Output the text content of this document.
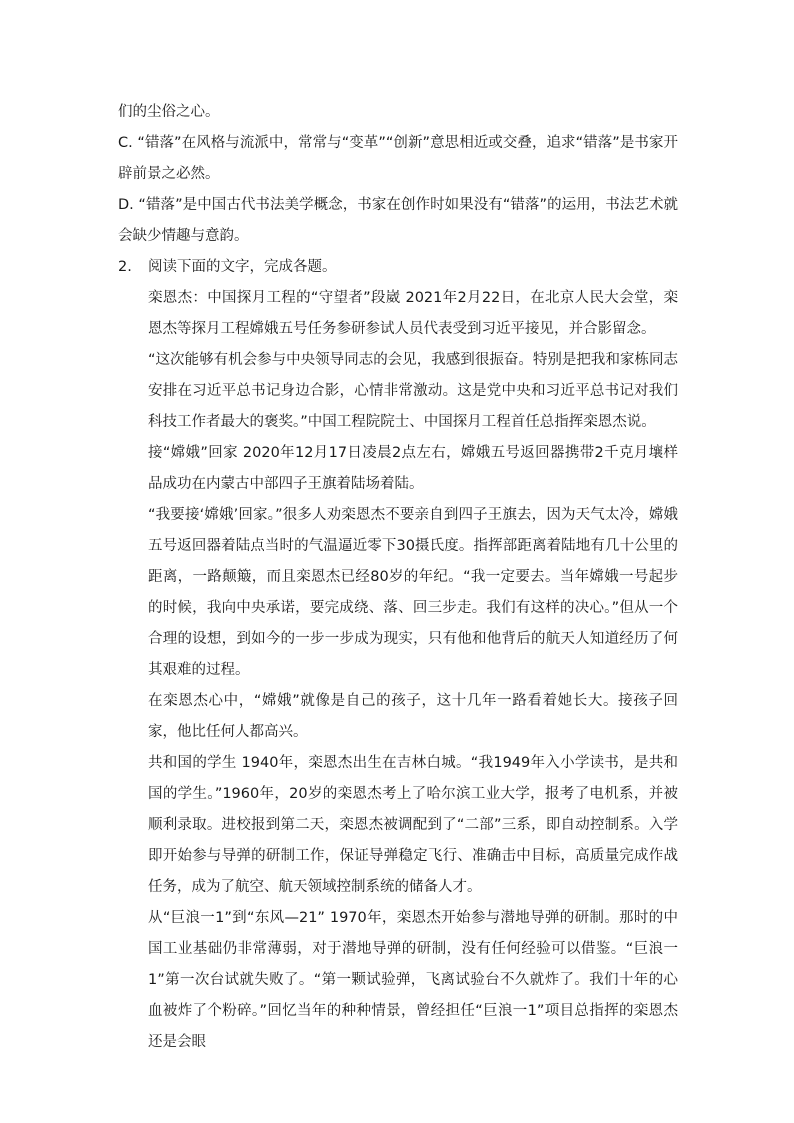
们的尘俗之心。

C. “错落”在风格与流派中，常常与“变革”“创新”意思相近或交叠，追求“错落”是书家开辟前景之必然。

D. “错落”是中国古代书法美学概念，书家在创作时如果没有“错落”的运用，书法艺术就会缺少情趣与意韵。

2. 阅读下面的文字，完成各题。

栾恩杰：中国探月工程的“守望者”段崴 2021年2月22日，在北京人民大会堂，栾恩杰等探月工程嫦娥五号任务参研参试人员代表受到习近平接见，并合影留念。

“这次能够有机会参与中央领导同志的会见，我感到很振奋。特别是把我和家栋同志安排在习近平总书记身边合影，心情非常激动。这是党中央和习近平总书记对我们科技工作者最大的褒奖。”中国工程院院士、中国探月工程首任总指挥栾恩杰说。

接“嫦娥”回家 2020年12月17日凌晨2点左右，嫦娥五号返回器携带2千克月壤样品成功在内蒙古中部四子王旗着陆场着陆。

“我要接‘嫦娥’回家。”很多人劝栾恩杰不要亲自到四子王旗去，因为天气太冷，嫦娥五号返回器着陆点当时的气温逼近零下30摄氏度。指挥部距离着陆地有几十公里的距离，一路颠簸，而且栾恩杰已经80岁的年纪。“我一定要去。当年嫦娥一号起步的时候，我向中央承诺，要完成绕、落、回三步走。我们有这样的决心。”但从一个合理的设想，到如今的一步一步成为现实，只有他和他背后的航天人知道经历了何其艰难的过程。

在栾恩杰心中，“嫦娥”就像是自己的孩子，这十几年一路看着她长大。接孩子回家，他比任何人都高兴。

共和国的学生 1940年，栾恩杰出生在吉林白城。“我1949年入小学读书，是共和国的学生。”1960年，20岁的栾恩杰考上了哈尔滨工业大学，报考了电机系，并被顺利录取。进校报到第二天，栾恩杰被调配到了“二部”三系，即自动控制系。入学即开始参与导弹的研制工作，保证导弹稳定飞行、准确击中目标，高质量完成作战任务，成为了航空、航天领域控制系统的储备人才。

从“巨浪一1”到“东风—21” 1970年，栾恩杰开始参与潜地导弹的研制。那时的中国工业基础仍非常薄弱，对于潜地导弹的研制，没有任何经验可以借鉴。“巨浪一1”第一次台试就失败了。“第一颗试验弹，飞离试验台不久就炸了。我们十年的心血被炸了个粉碎。”回忆当年的种种情景，曾经担任“巨浪一1”项目总指挥的栾恩杰还是会眼
